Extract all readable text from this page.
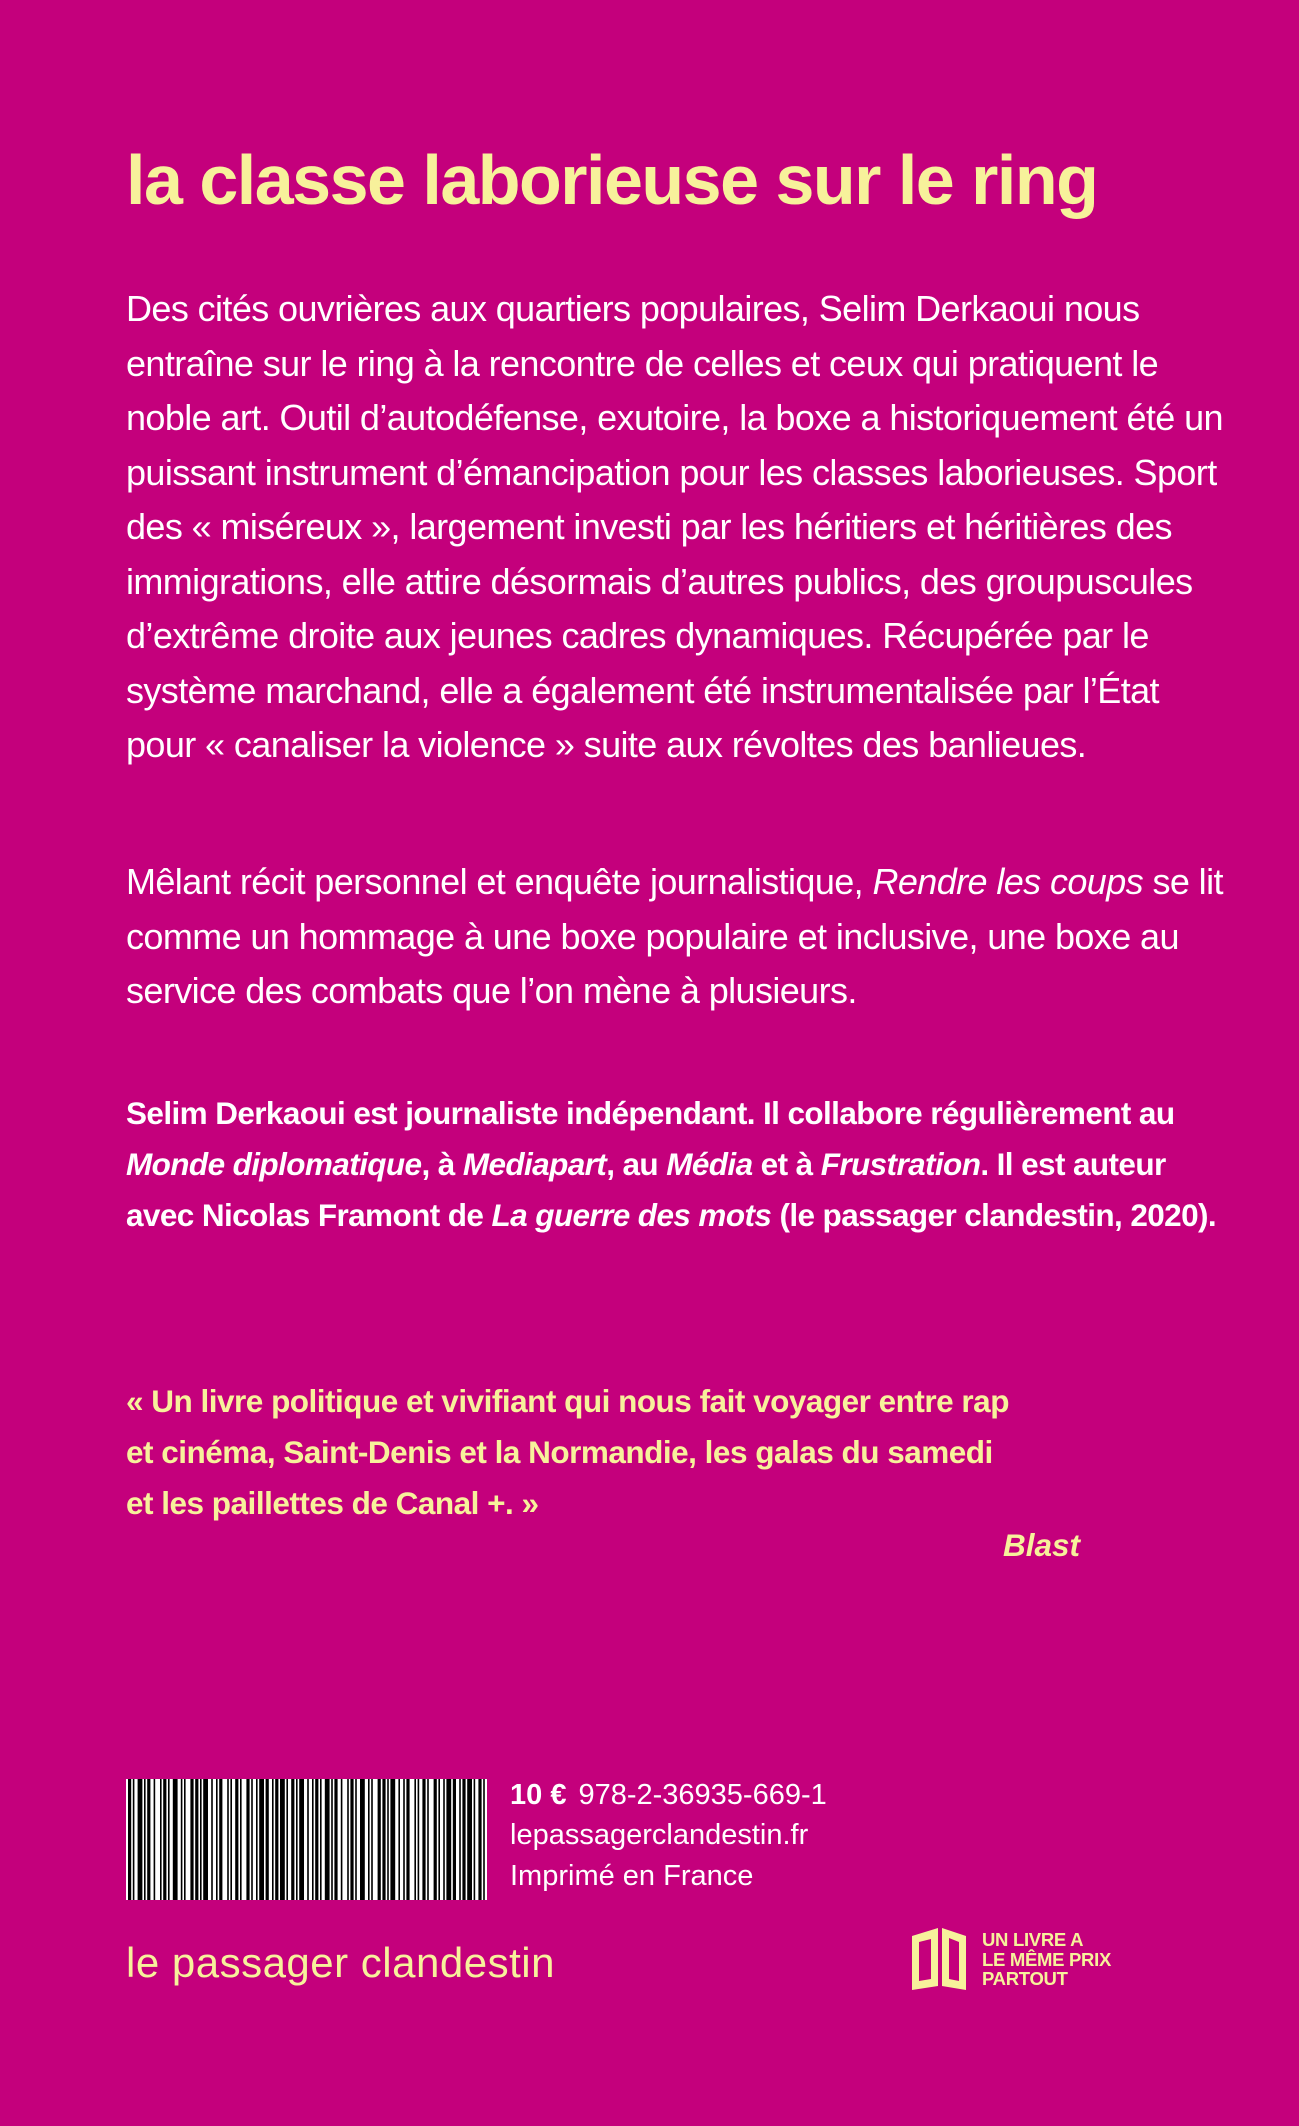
la classe laborieuse sur le ring

Des cités ouvrières aux quartiers populaires, Selim Derkaoui nous entraîne sur le ring à la rencontre de celles et ceux qui pratiquent le noble art. Outil d’autodéfense, exutoire, la boxe a historiquement été un puissant instrument d’émancipation pour les classes laborieuses. Sport des « miséreux », largement investi par les héritiers et héritières des immigrations, elle attire désormais d’autres publics, des groupuscules d’extrême droite aux jeunes cadres dynamiques. Récupérée par le système marchand, elle a également été instrumentalisée par l’État pour « canaliser la violence » suite aux révoltes des banlieues.

Mêlant récit personnel et enquête journalistique, Rendre les coups se lit comme un hommage à une boxe populaire et inclusive, une boxe au service des combats que l’on mène à plusieurs.

Selim Derkaoui est journaliste indépendant. Il collabore régulièrement au Monde diplomatique, à Mediapart, au Média et à Frustration. Il est auteur avec Nicolas Framont de La guerre des mots (le passager clandestin, 2020).

« Un livre politique et vivifiant qui nous fait voyager entre rap
et cinéma, Saint-Denis et la Normandie, les galas du samedi
et les paillettes de Canal +. »

Blast
10 € 978-2-36935-669-1
lepassagerclandestin.fr
Imprimé en France
le passager clandestin	UN LIVRE A
LE MÊME PRIX
PARTOUT
